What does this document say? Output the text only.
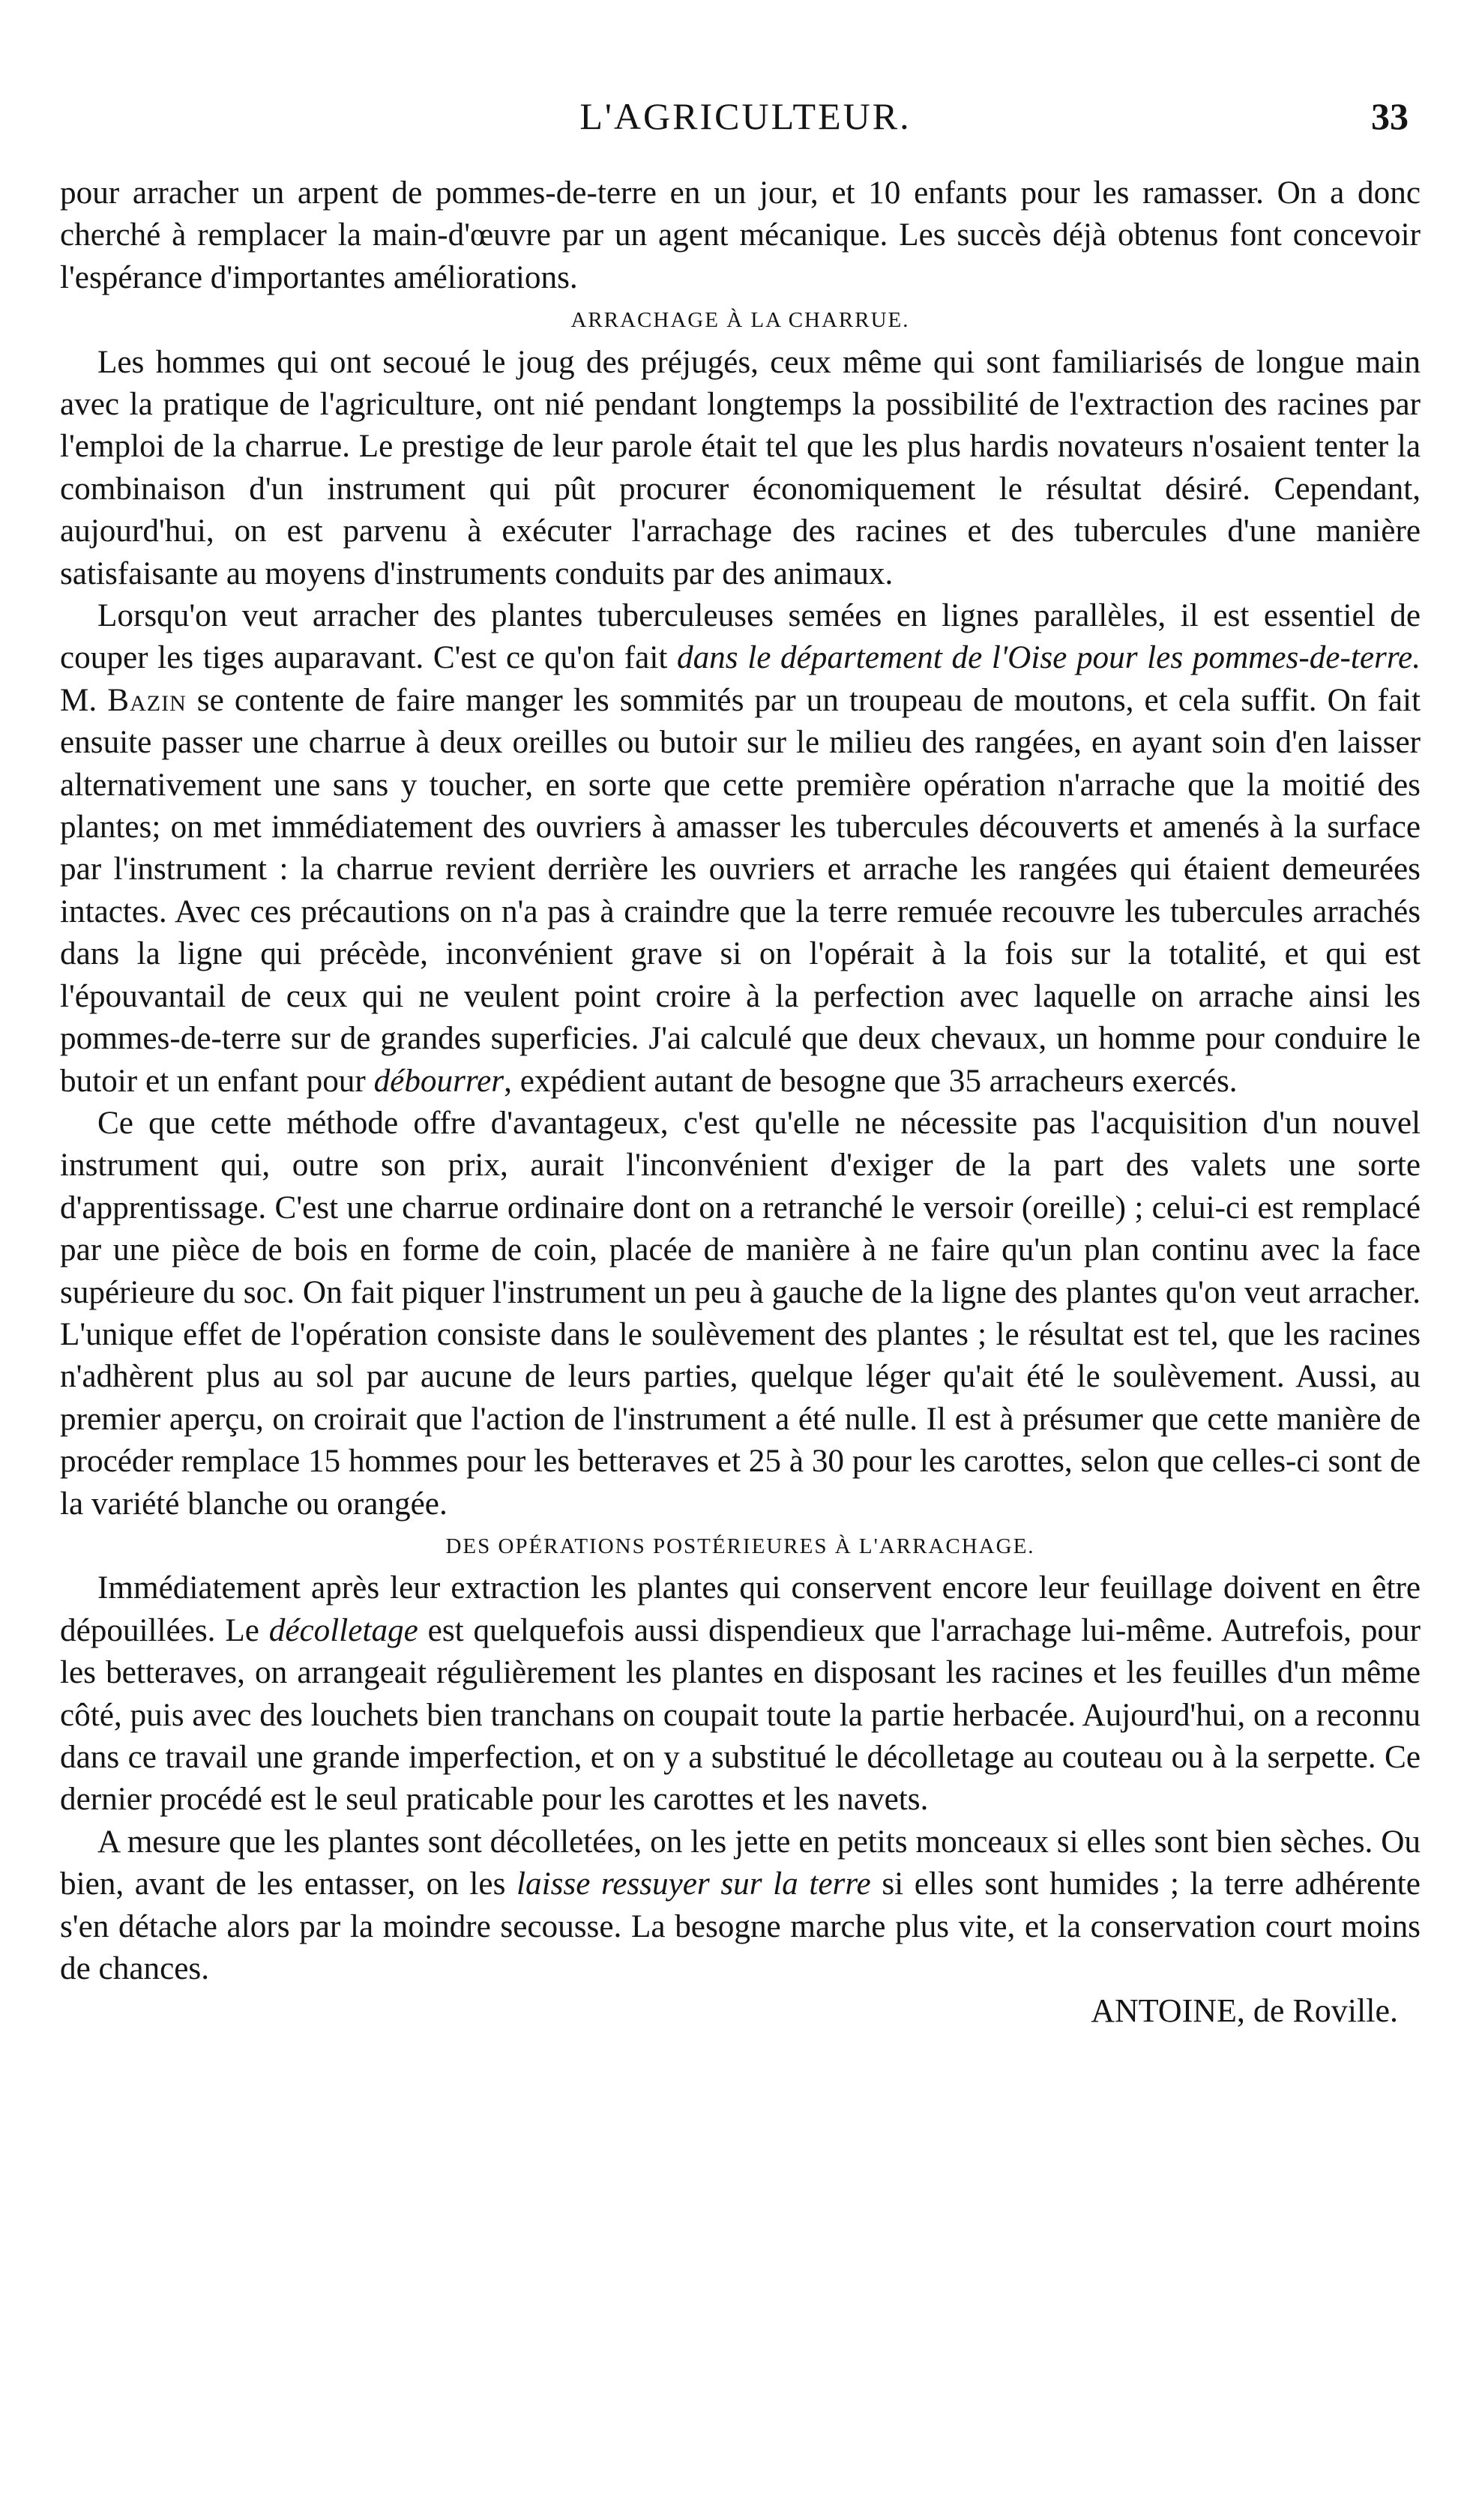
L'AGRICULTEUR.	33

pour arracher un arpent de pommes-de-terre en un jour, et 10 enfants pour les ramasser. On a donc cherché à remplacer la main-d'œuvre par un agent mécanique. Les succès déjà obtenus font concevoir l'espérance d'importantes améliorations.

ARRACHAGE À LA CHARRUE.

Les hommes qui ont secoué le joug des préjugés, ceux même qui sont familiarisés de longue main avec la pratique de l'agriculture, ont nié pendant longtemps la possibilité de l'extraction des racines par l'emploi de la charrue. Le prestige de leur parole était tel que les plus hardis novateurs n'osaient tenter la combinaison d'un instrument qui pût procurer économiquement le résultat désiré. Cependant, aujourd'hui, on est parvenu à exécuter l'arrachage des racines et des tubercules d'une manière satisfaisante au moyens d'instruments conduits par des animaux.

Lorsqu'on veut arracher des plantes tuberculeuses semées en lignes parallèles, il est essentiel de couper les tiges auparavant. C'est ce qu'on fait dans le département de l'Oise pour les pommes-de-terre. M. Bazin se contente de faire manger les sommités par un troupeau de moutons, et cela suffit. On fait ensuite passer une charrue à deux oreilles ou butoir sur le milieu des rangées, en ayant soin d'en laisser alternativement une sans y toucher, en sorte que cette première opération n'arrache que la moitié des plantes; on met immédiatement des ouvriers à amasser les tubercules découverts et amenés à la surface par l'instrument : la charrue revient derrière les ouvriers et arrache les rangées qui étaient demeurées intactes. Avec ces précautions on n'a pas à craindre que la terre remuée recouvre les tubercules arrachés dans la ligne qui précède, inconvénient grave si on l'opérait à la fois sur la totalité, et qui est l'épouvantail de ceux qui ne veulent point croire à la perfection avec laquelle on arrache ainsi les pommes-de-terre sur de grandes superficies. J'ai calculé que deux chevaux, un homme pour conduire le butoir et un enfant pour débourrer, expédient autant de besogne que 35 arracheurs exercés.

Ce que cette méthode offre d'avantageux, c'est qu'elle ne nécessite pas l'acquisition d'un nouvel instrument qui, outre son prix, aurait l'inconvénient d'exiger de la part des valets une sorte d'apprentissage. C'est une charrue ordinaire dont on a retranché le versoir (oreille) ; celui-ci est remplacé par une pièce de bois en forme de coin, placée de manière à ne faire qu'un plan continu avec la face supérieure du soc. On fait piquer l'instrument un peu à gauche de la ligne des plantes qu'on veut arracher. L'unique effet de l'opération consiste dans le soulèvement des plantes ; le résultat est tel, que les racines n'adhèrent plus au sol par aucune de leurs parties, quelque léger qu'ait été le soulèvement. Aussi, au premier aperçu, on croirait que l'action de l'instrument a été nulle. Il est à présumer que cette manière de procéder remplace 15 hommes pour les betteraves et 25 à 30 pour les carottes, selon que celles-ci sont de la variété blanche ou orangée.

DES OPÉRATIONS POSTÉRIEURES À L'ARRACHAGE.

Immédiatement après leur extraction les plantes qui conservent encore leur feuillage doivent en être dépouillées. Le décolletage est quelquefois aussi dispendieux que l'arrachage lui-même. Autrefois, pour les betteraves, on arrangeait régulièrement les plantes en disposant les racines et les feuilles d'un même côté, puis avec des louchets bien tranchans on coupait toute la partie herbacée. Aujourd'hui, on a reconnu dans ce travail une grande imperfection, et on y a substitué le décolletage au couteau ou à la serpette. Ce dernier procédé est le seul praticable pour les carottes et les navets.

A mesure que les plantes sont décolletées, on les jette en petits monceaux si elles sont bien sèches. Ou bien, avant de les entasser, on les laisse ressuyer sur la terre si elles sont humides ; la terre adhérente s'en détache alors par la moindre secousse. La besogne marche plus vite, et la conservation court moins de chances.

ANTOINE, de Roville.
